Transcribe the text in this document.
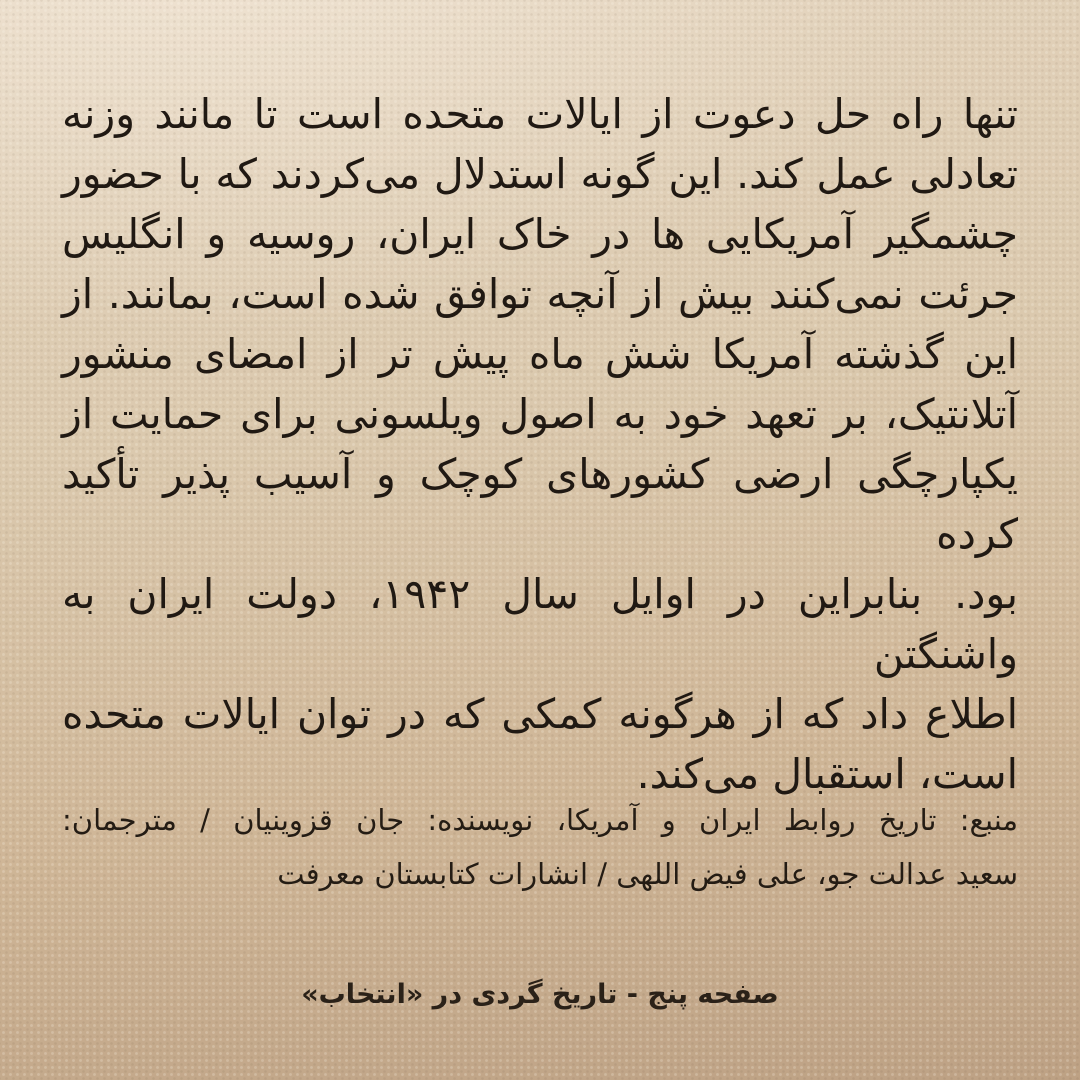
تنها راه حل دعوت از ایالات متحده است تا مانند وزنه
تعادلی عمل کند. این گونه استدلال می‌کردند که با حضور
چشمگیر آمریکایی ها در خاک ایران، روسیه و انگلیس
جرئت نمی‌کنند بیش از آنچه توافق شده است، بمانند. از
این گذشته آمریکا شش ماه پیش تر از امضای منشور
آتلانتیک، بر تعهد خود به اصول ویلسونی برای حمایت از
یکپارچگی ارضی کشورهای کوچک و آسیب پذیر تأکید کرده
بود. بنابراین در اوایل سال ۱۹۴۲، دولت ایران به واشنگتن
اطلاع داد که از هرگونه کمکی که در توان ایالات متحده
است، استقبال می‌کند.
منبع: تاریخ روابط ایران و آمریکا، نویسنده: جان قزوینیان / مترجمان:
سعید عدالت جو، علی فیض اللهی / انشارات کتابستان معرفت
صفحه پنج - تاریخ گردی در «انتخاب»
